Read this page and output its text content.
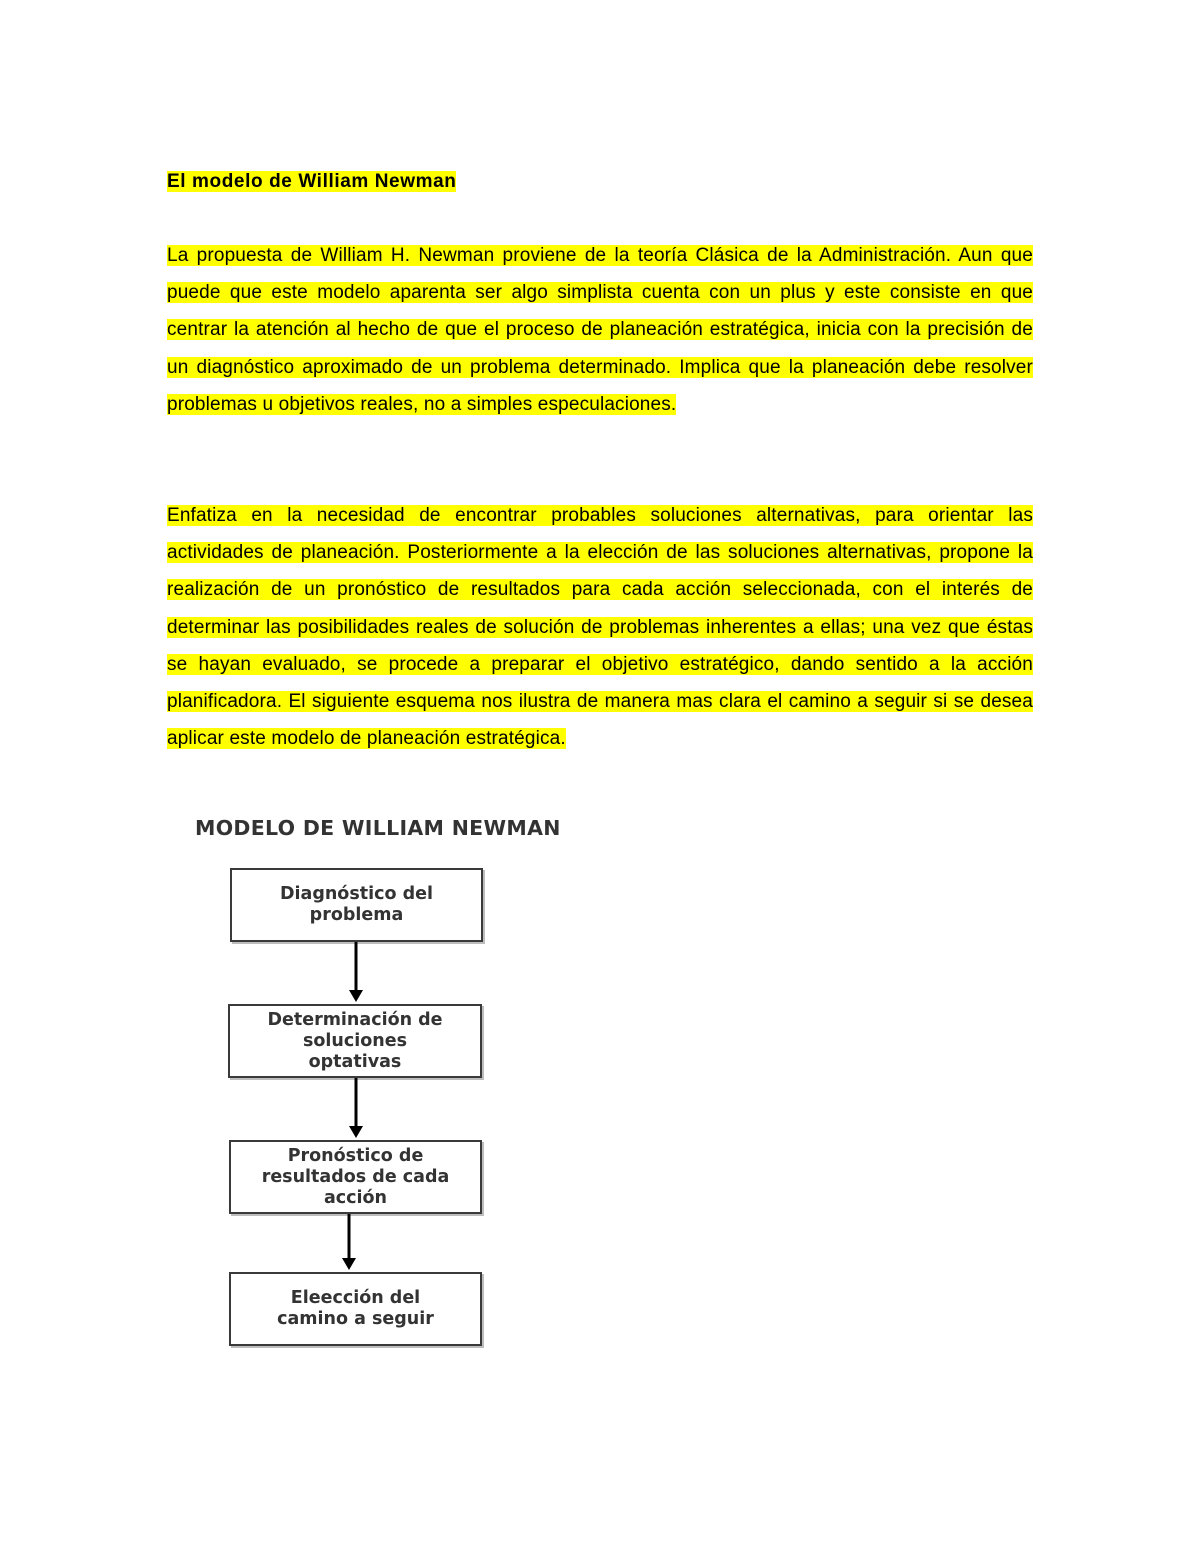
El modelo de William Newman
La propuesta de William H. Newman proviene de la teoría Clásica de la Administración. Aun que puede que este modelo aparenta ser algo simplista cuenta con un plus y este consiste en que centrar la atención al hecho de que el proceso de planeación estratégica, inicia con la precisión de un diagnóstico aproximado de un problema determinado. Implica que la planeación debe resolver problemas u objetivos reales, no a simples especulaciones.
Enfatiza en la necesidad de encontrar probables soluciones alternativas, para orientar las actividades de planeación. Posteriormente a la elección de las soluciones alternativas, propone la realización de un pronóstico de resultados para cada acción seleccionada, con el interés de determinar las posibilidades reales de solución de problemas inherentes a ellas; una vez que éstas se hayan evaluado, se procede a preparar el objetivo estratégico, dando sentido a la acción planificadora. El siguiente esquema nos ilustra de manera mas clara el camino a seguir si se desea aplicar este modelo de planeación estratégica.
MODELO DE WILLIAM NEWMAN
Diagnóstico del
problema
Determinación de
soluciones
optativas
Pronóstico de
resultados de cada
acción
Eleección del
camino a seguir
